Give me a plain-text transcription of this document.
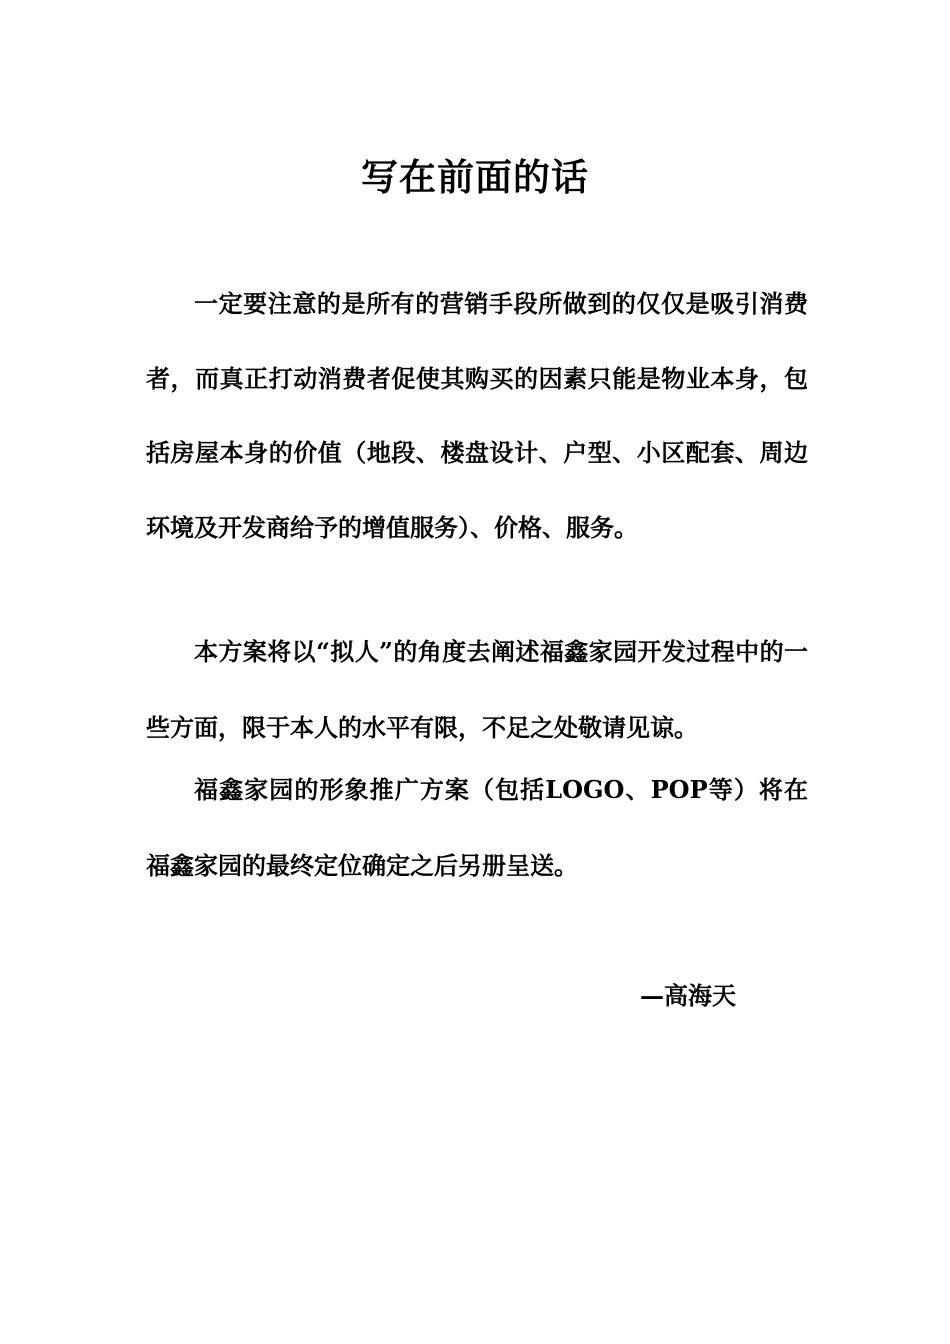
写在前面的话

一定要注意的是所有的营销手段所做到的仅仅是吸引消费者，而真正打动消费者促使其购买的因素只能是物业本身，包括房屋本身的价值（地段、楼盘设计、户型、小区配套、周边环境及开发商给予的增值服务）、价格、服务。

本方案将以“拟人”的角度去阐述福鑫家园开发过程中的一些方面，限于本人的水平有限，不足之处敬请见谅。

福鑫家园的形象推广方案（包括LOGO、POP等）将在福鑫家园的最终定位确定之后另册呈送。

—高海天
